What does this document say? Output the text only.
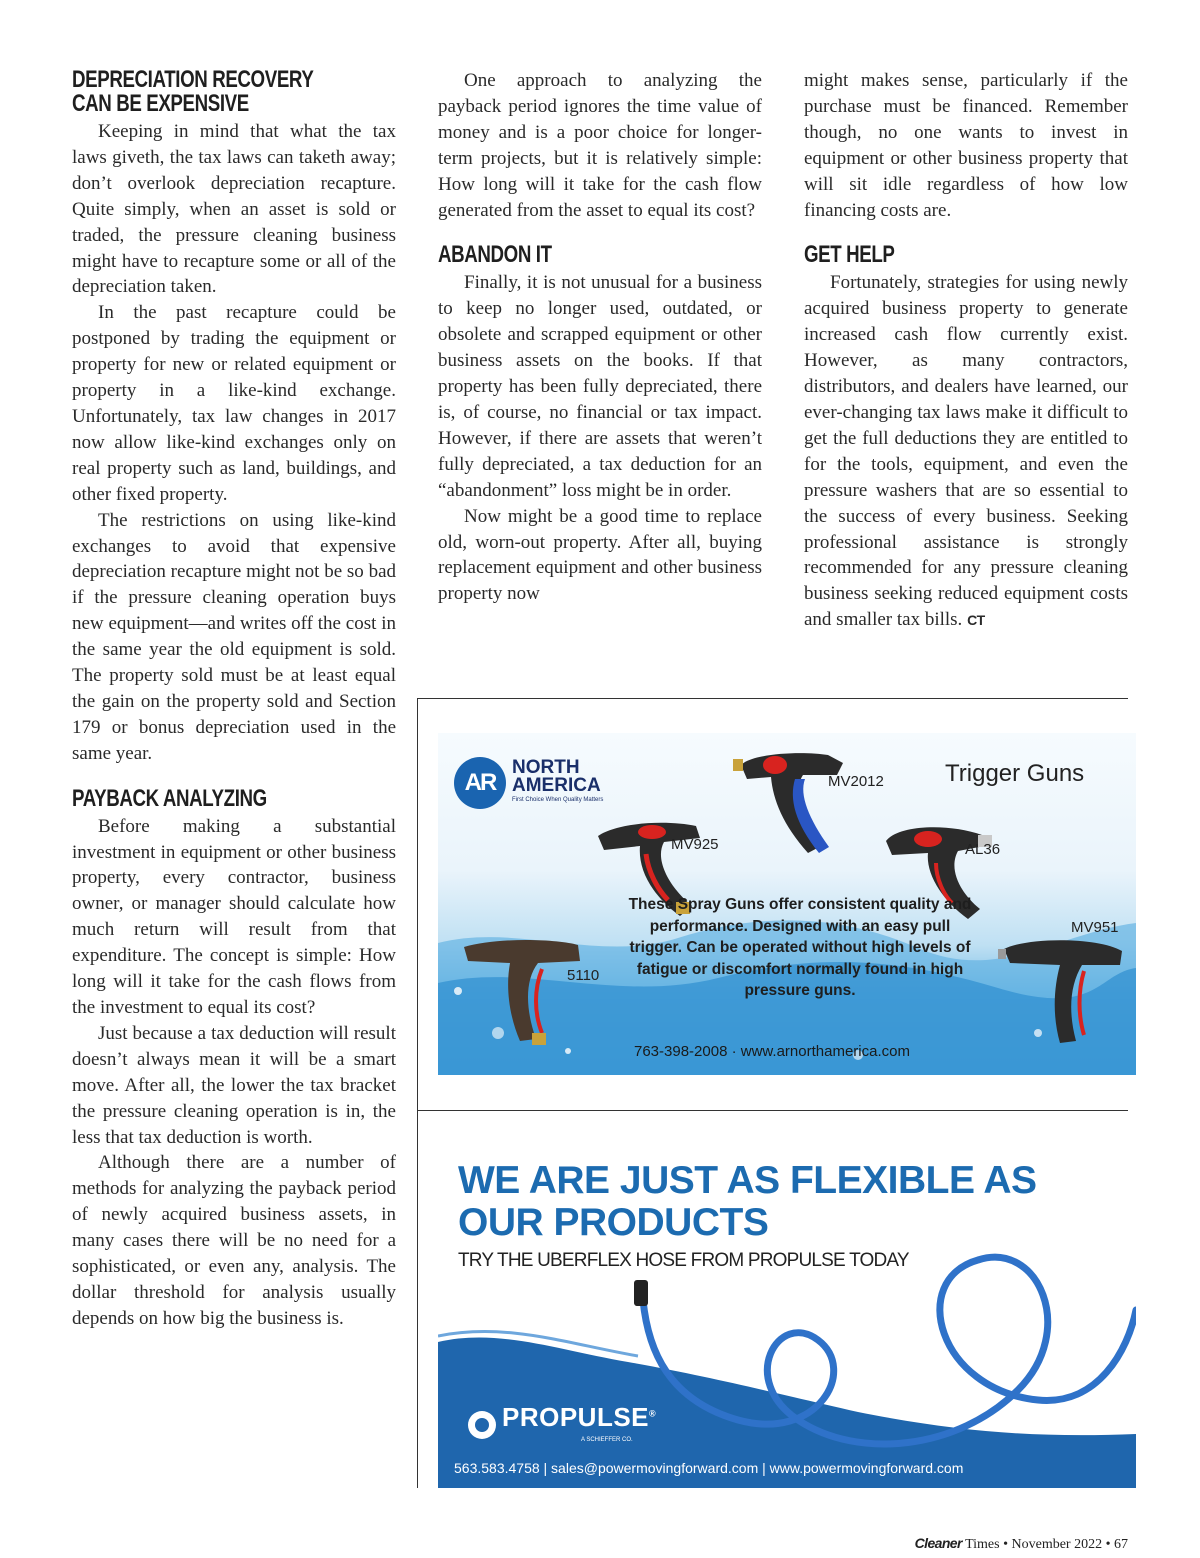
DEPRECIATION RECOVERY
CAN BE EXPENSIVE

Keeping in mind that what the tax laws giveth, the tax laws can taketh away; don’t overlook depreciation recapture. Quite simply, when an asset is sold or traded, the pressure cleaning business might have to recapture some or all of the depreciation taken.

In the past recapture could be postponed by trading the equipment or property for new or related equipment or property in a like-kind exchange. Unfortunately, tax law changes in 2017 now allow like-kind exchanges only on real property such as land, buildings, and other fixed property.

The restrictions on using like-kind exchanges to avoid that expensive depreciation recapture might not be so bad if the pressure cleaning operation buys new equipment—and writes off the cost in the same year the old equipment is sold. The property sold must be at least equal the gain on the property sold and Section 179 or bonus depreciation used in the same year.

PAYBACK ANALYZING

Before making a substantial investment in equipment or other business property, every contractor, business owner, or manager should calculate how much return will result from that expenditure. The concept is simple: How long will it take for the cash flows from the investment to equal its cost?

Just because a tax deduction will result doesn’t always mean it will be a smart move. After all, the lower the tax bracket the pressure cleaning operation is in, the less that tax deduction is worth.

Although there are a number of methods for analyzing the payback period of newly acquired business assets, in many cases there will be no need for a sophisticated, or even any, analysis. The dollar threshold for analysis usually depends on how big the business is.

One approach to analyzing the payback period ignores the time value of money and is a poor choice for longer-term projects, but it is relatively simple: How long will it take for the cash flow generated from the asset to equal its cost?

ABANDON IT

Finally, it is not unusual for a business to keep no longer used, outdated, or obsolete and scrapped equipment or other business assets on the books. If that property has been fully depreciated, there is, of course, no financial or tax impact. However, if there are assets that weren’t fully depreciated, a tax deduction for an “abandonment” loss might be in order.

Now might be a good time to replace old, worn-out property. After all, buying replacement equipment and other business property now

might makes sense, particularly if the purchase must be financed. Remember though, no one wants to invest in equipment or other business property that will sit idle regardless of how low financing costs are.

GET HELP

Fortunately, strategies for using newly acquired business property to generate increased cash flow currently exist. However, as many contractors, distributors, and dealers have learned, our ever-changing tax laws make it difficult to get the full deductions they are entitled to for the tools, equipment, and even the pressure washers that are so essential to the success of every business. Seeking professional assistance is strongly recommended for any pressure cleaning business seeking reduced equipment costs and smaller tax bills. CT

AR
NORTH
AMERICA
First Choice When Quality Matters
Trigger Guns
MV2012
MV925	AL36
MV951
5110
These Spray Guns offer consistent quality and performance. Designed with an easy pull trigger. Can be operated without high levels of fatigue or discomfort normally found in high pressure guns.
763-398-2008 · www.arnorthamerica.com
WE ARE JUST AS FLEXIBLE AS
OUR PRODUCTS
TRY THE UBERFLEX HOSE FROM PROPULSE TODAY
PROPULSE®
A SCHIEFFER CO.
563.583.4758 | sales@powermovingforward.com | www.powermovingforward.com
Cleaner Times • November 2022 • 67
